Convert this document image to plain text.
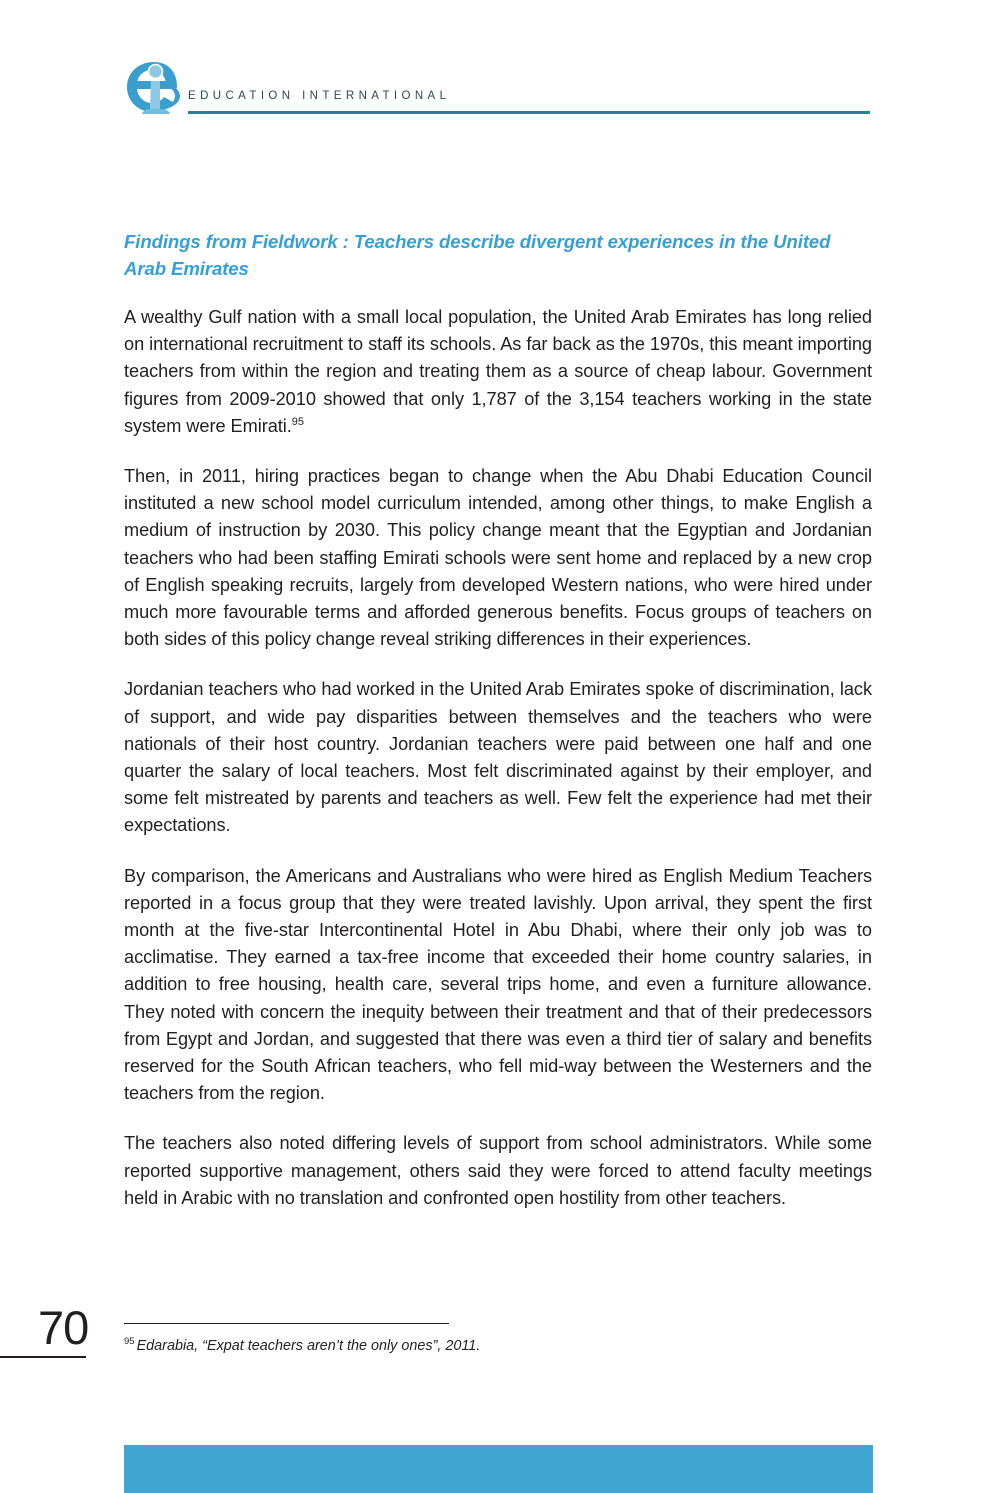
EDUCATION INTERNATIONAL
Findings from Fieldwork : Teachers describe divergent experiences in the United Arab Emirates

A wealthy Gulf nation with a small local population, the United Arab Emirates has long relied on international recruitment to staff its schools. As far back as the 1970s, this meant importing teachers from within the region and treating them as a source of cheap labour. Government figures from 2009-2010 showed that only 1,787 of the 3,154 teachers working in the state system were Emirati.$^{95}$

Then, in 2011, hiring practices began to change when the Abu Dhabi Education Council instituted a new school model curriculum intended, among other things, to make English a medium of instruction by 2030. This policy change meant that the Egyptian and Jordanian teachers who had been staffing Emirati schools were sent home and replaced by a new crop of English speaking recruits, largely from developed Western nations, who were hired under much more favourable terms and afforded generous benefits. Focus groups of teachers on both sides of this policy change reveal striking differences in their experiences.

Jordanian teachers who had worked in the United Arab Emirates spoke of discrimination, lack of support, and wide pay disparities between themselves and the teachers who were nationals of their host country. Jordanian teachers were paid between one half and one quarter the salary of local teachers. Most felt discriminated against by their employer, and some felt mistreated by parents and teachers as well. Few felt the experience had met their expectations.

By comparison, the Americans and Australians who were hired as English Medium Teachers reported in a focus group that they were treated lavishly. Upon arrival, they spent the first month at the five-star Intercontinental Hotel in Abu Dhabi, where their only job was to acclimatise. They earned a tax-free income that exceeded their home country salaries, in addition to free housing, health care, several trips home, and even a furniture allowance. They noted with concern the inequity between their treatment and that of their predecessors from Egypt and Jordan, and suggested that there was even a third tier of salary and benefits reserved for the South African teachers, who fell mid-way between the Westerners and the teachers from the region.

The teachers also noted differing levels of support from school administrators. While some reported supportive management, others said they were forced to attend faculty meetings held in Arabic with no translation and confronted open hostility from other teachers.

70	$^{95}$ Edarabia, “Expat teachers aren’t the only ones”, 2011.
